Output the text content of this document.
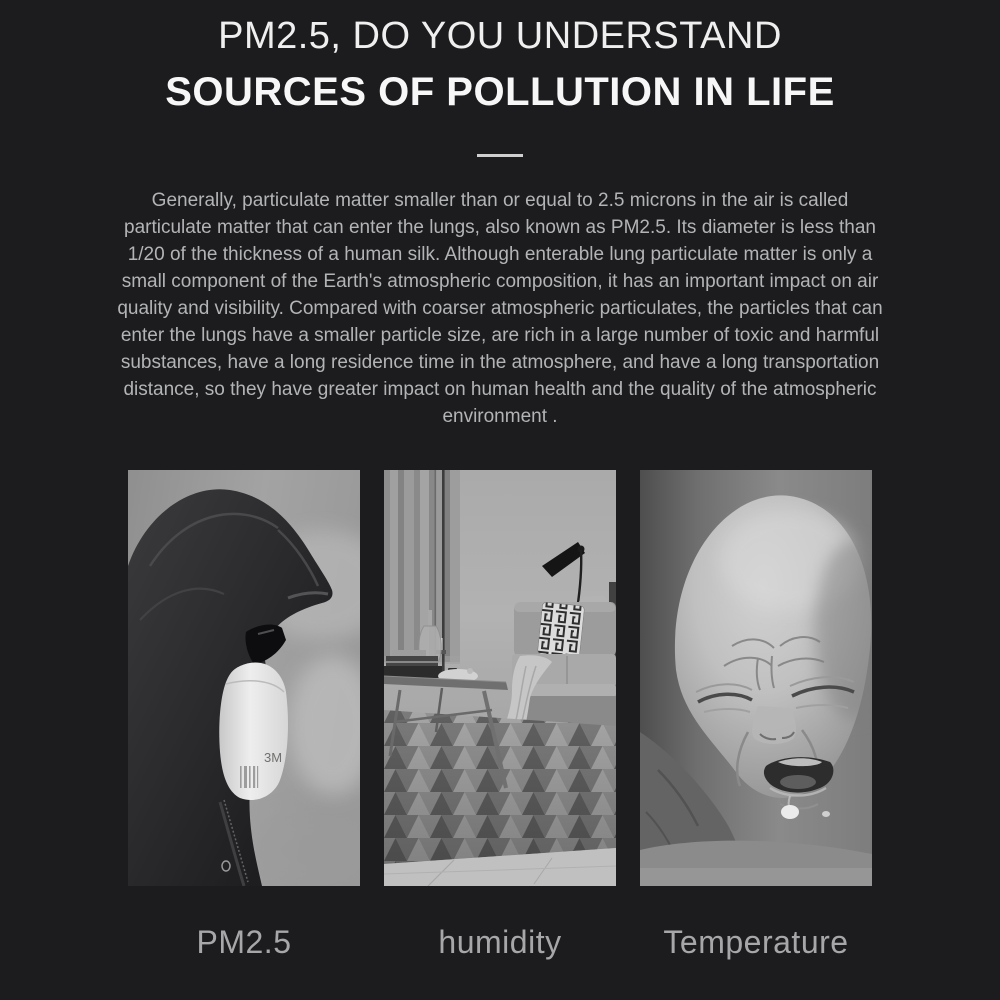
PM2.5, DO YOU UNDERSTAND
SOURCES OF POLLUTION IN LIFE

Generally, particulate matter smaller than or equal to 2.5 microns in the air is called particulate matter that can enter the lungs, also known as PM2.5. Its diameter is less than 1/20 of the thickness of a human silk. Although enterable lung particulate matter is only a small component of the Earth's atmospheric composition, it has an important impact on air quality and visibility. Compared with coarser atmospheric particulates, the particles that can enter the lungs have a smaller particle size, are rich in a large number of toxic and harmful substances, have a long residence time in the atmosphere, and have a long transportation distance, so they have greater impact on human health and the quality of the atmospheric environment .

3M
PM2.5	humidity	Temperature
